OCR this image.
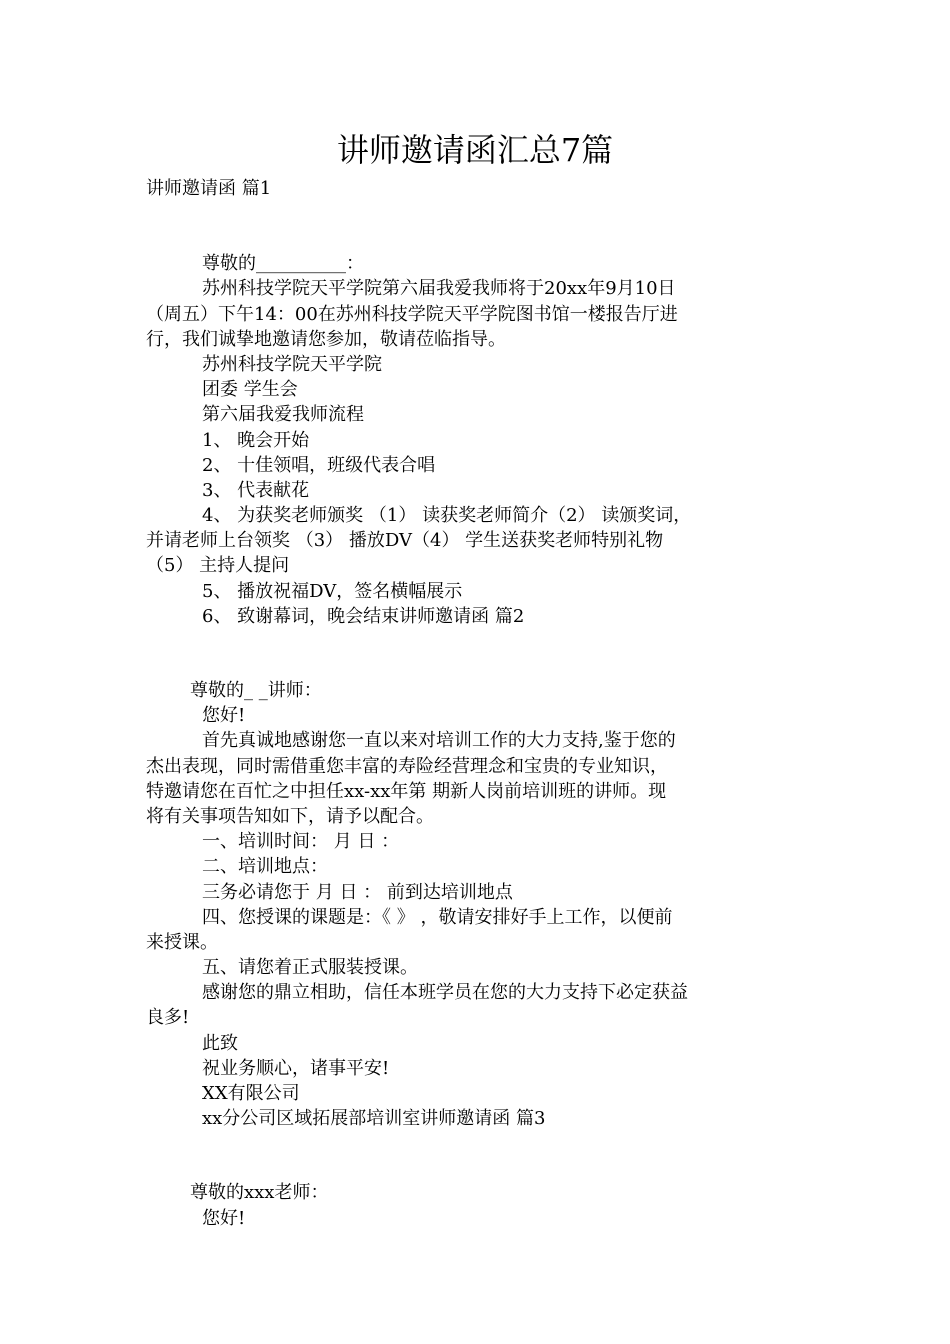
讲师邀请函汇总7篇
讲师邀请函 篇1
尊敬的__________：
苏州科技学院天平学院第六届我爱我师将于20xx年9月10日
（周五）下午14：00在苏州科技学院天平学院图书馆一楼报告厅进
行，我们诚挚地邀请您参加，敬请莅临指导。
苏州科技学院天平学院
团委 学生会
第六届我爱我师流程
1、 晚会开始
2、 十佳领唱，班级代表合唱
3、 代表献花
4、 为获奖老师颁奖 （1） 读获奖老师简介（2） 读颁奖词，
并请老师上台领奖 （3） 播放DV（4） 学生送获奖老师特别礼物
（5） 主持人提问
5、 播放祝福DV，签名横幅展示
6、 致谢幕词，晚会结束讲师邀请函 篇2
尊敬的_ _讲师：
您好!
首先真诚地感谢您一直以来对培训工作的大力支持,鉴于您的
杰出表现，同时需借重您丰富的寿险经营理念和宝贵的专业知识，
特邀请您在百忙之中担任xx-xx年第 期新人岗前培训班的讲师。现
将有关事项告知如下，请予以配合。
一、培训时间： 月 日 ：
二、培训地点：
三务必请您于 月 日 ： 前到达培训地点
四、您授课的课题是：《 》 ，敬请安排好手上工作，以便前
来授课。
五、请您着正式服装授课。
感谢您的鼎立相助，信任本班学员在您的大力支持下必定获益
良多!
此致
祝业务顺心，诸事平安!
XX有限公司
xx分公司区域拓展部培训室讲师邀请函 篇3
尊敬的xxx老师：
您好!
